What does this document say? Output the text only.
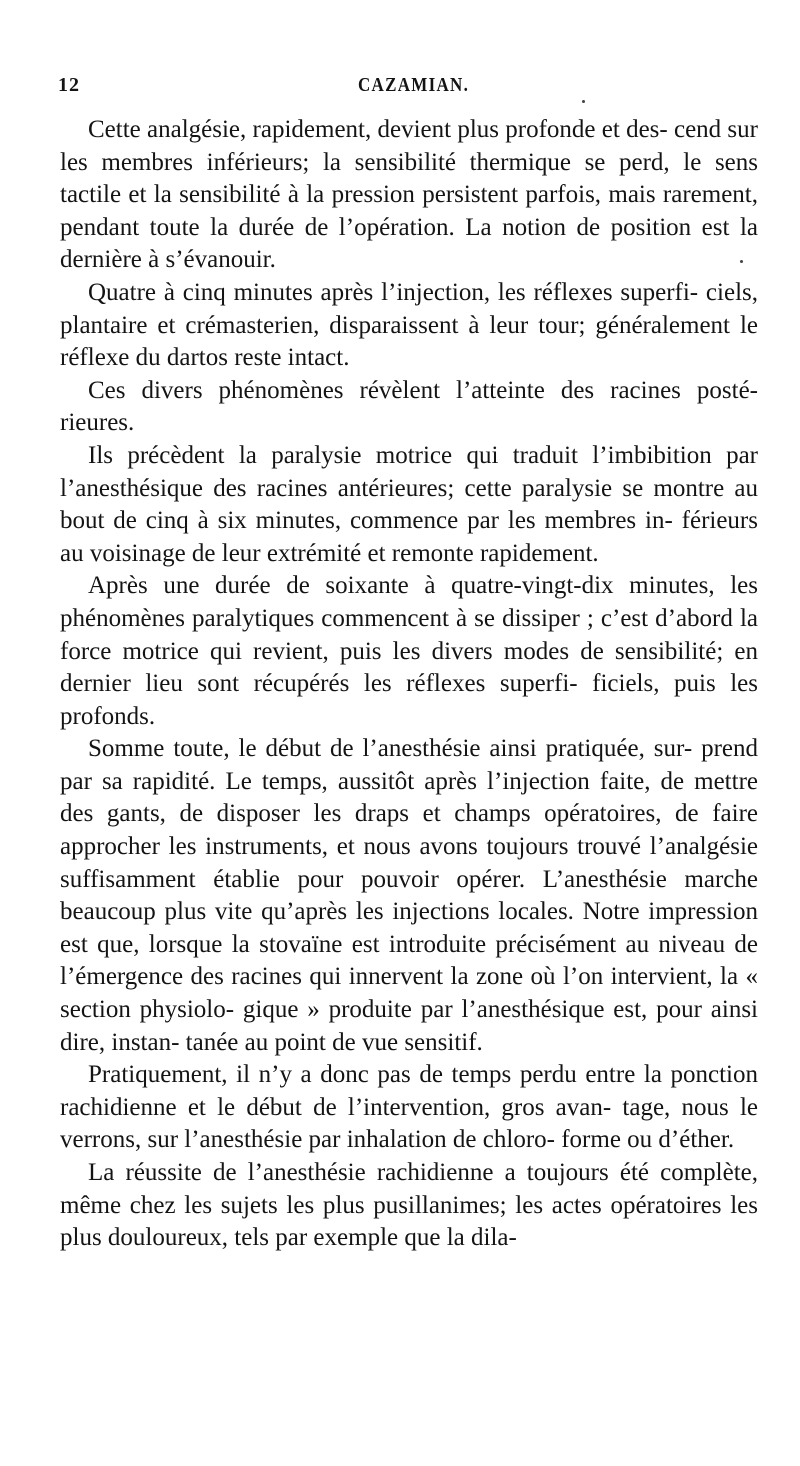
12	CAZAMIAN.

Cette analgésie, rapidement, devient plus profonde et des- cend sur les membres inférieurs; la sensibilité thermique se perd, le sens tactile et la sensibilité à la pression persistent parfois, mais rarement, pendant toute la durée de l’opération. La notion de position est la dernière à s’évanouir.

Quatre à cinq minutes après l’injection, les réflexes superfi- ciels, plantaire et crémasterien, disparaissent à leur tour; généralement le réflexe du dartos reste intact.

Ces divers phénomènes révèlent l’atteinte des racines posté- rieures.

Ils précèdent la paralysie motrice qui traduit l’imbibition par l’anesthésique des racines antérieures; cette paralysie se montre au bout de cinq à six minutes, commence par les membres in- férieurs au voisinage de leur extrémité et remonte rapidement.

Après une durée de soixante à quatre-vingt-dix minutes, les phénomènes paralytiques commencent à se dissiper ; c’est d’abord la force motrice qui revient, puis les divers modes de sensibilité; en dernier lieu sont récupérés les réflexes superfi- ficiels, puis les profonds.

Somme toute, le début de l’anesthésie ainsi pratiquée, sur- prend par sa rapidité. Le temps, aussitôt après l’injection faite, de mettre des gants, de disposer les draps et champs opératoires, de faire approcher les instruments, et nous avons toujours trouvé l’analgésie suffisamment établie pour pouvoir opérer. L’anesthésie marche beaucoup plus vite qu’après les injections locales. Notre impression est que, lorsque la stovaïne est introduite précisément au niveau de l’émergence des racines qui innervent la zone où l’on intervient, la « section physiolo- gique » produite par l’anesthésique est, pour ainsi dire, instan- tanée au point de vue sensitif.

Pratiquement, il n’y a donc pas de temps perdu entre la ponction rachidienne et le début de l’intervention, gros avan- tage, nous le verrons, sur l’anesthésie par inhalation de chloro- forme ou d’éther.

La réussite de l’anesthésie rachidienne a toujours été complète, même chez les sujets les plus pusillanimes; les actes opératoires les plus douloureux, tels par exemple que la dila-
